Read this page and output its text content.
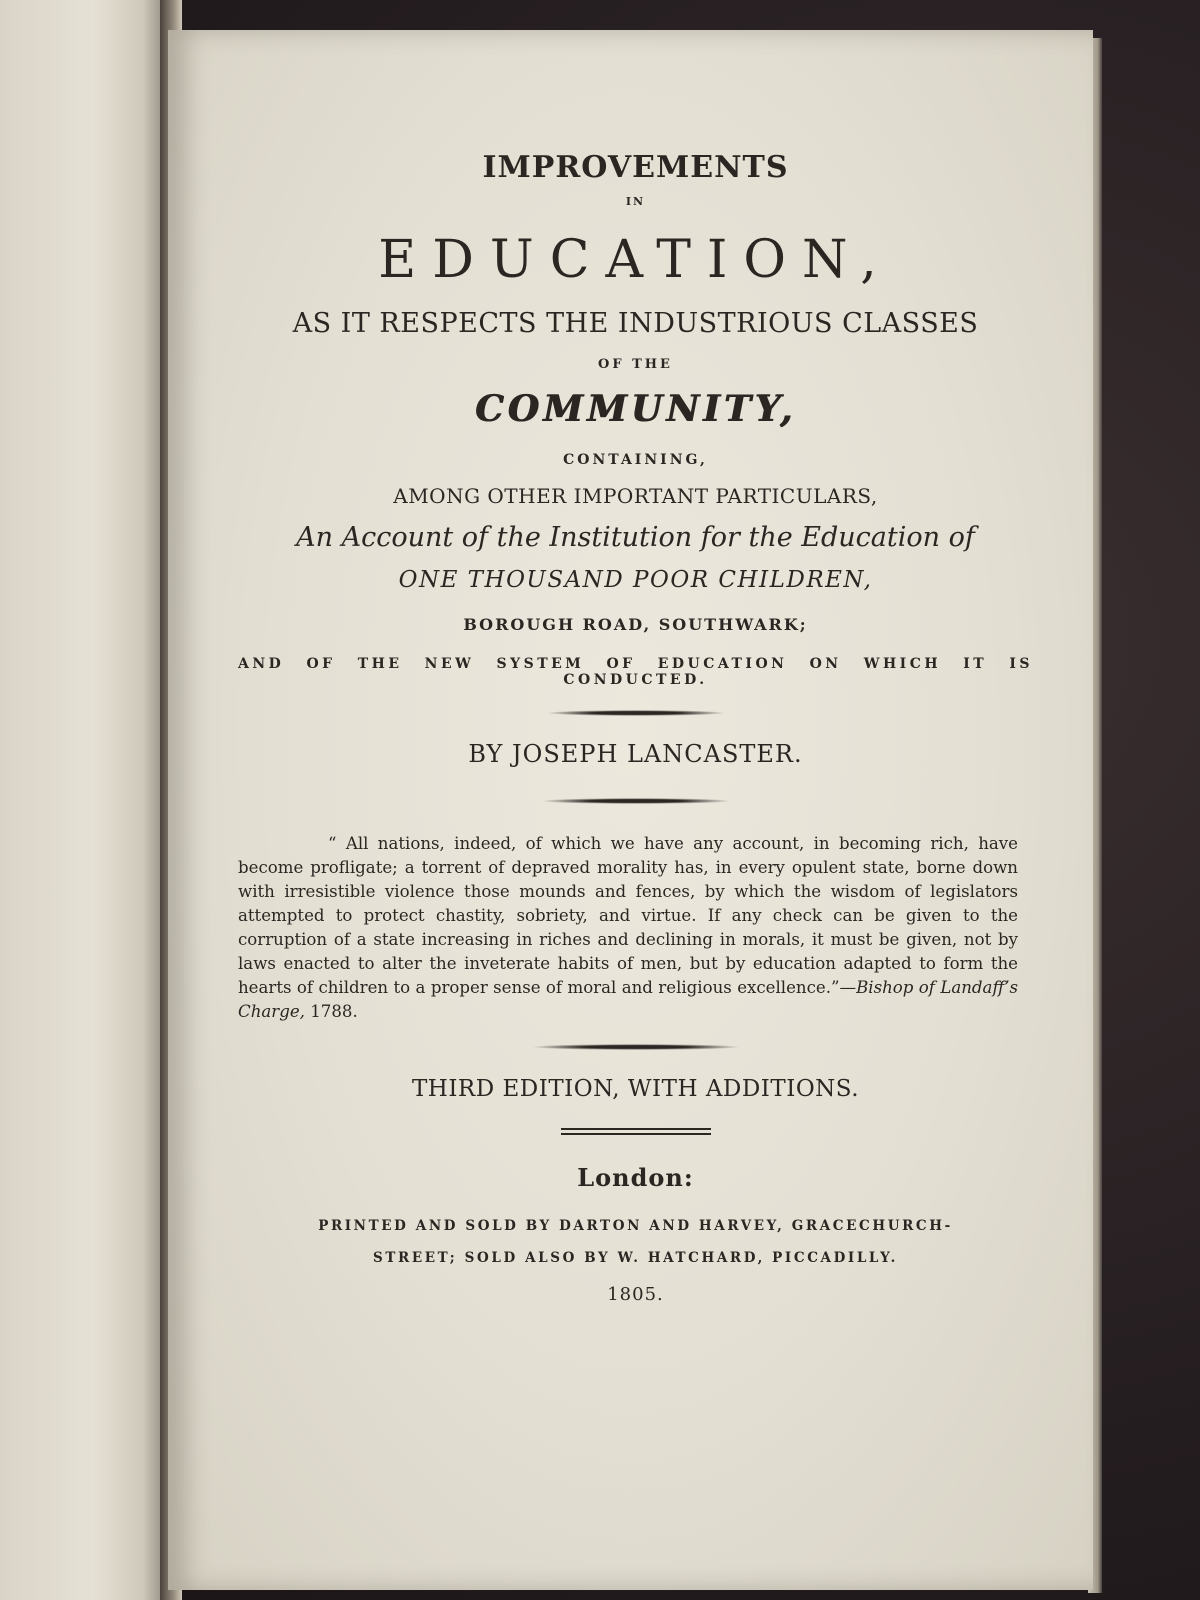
IMPROVEMENTS
IN
EDUCATION,
AS IT RESPECTS THE INDUSTRIOUS CLASSES
OF THE
COMMUNITY,
CONTAINING,
AMONG OTHER IMPORTANT PARTICULARS,
An Account of the Institution for the Education of
ONE THOUSAND POOR CHILDREN,
BOROUGH ROAD, SOUTHWARK;
AND OF THE NEW SYSTEM OF EDUCATION ON WHICH IT IS CONDUCTED.
BY JOSEPH LANCASTER.
“ All nations, indeed, of which we have any account, in becoming rich, have become profligate; a torrent of depraved morality has, in every opulent state, borne down with irresistible violence those mounds and fences, by which the wisdom of legislators attempted to protect chastity, sobriety, and virtue. If any check can be given to the corruption of a state increasing in riches and declining in morals, it must be given, not by laws enacted to alter the inveterate habits of men, but by education adapted to form the hearts of children to a proper sense of moral and religious excellence.”—Bishop of Landaff’s Charge, 1788.
THIRD EDITION, WITH ADDITIONS.
London:
PRINTED AND SOLD BY DARTON AND HARVEY, GRACECHURCH-
STREET; SOLD ALSO BY W. HATCHARD, PICCADILLY.
1805.
